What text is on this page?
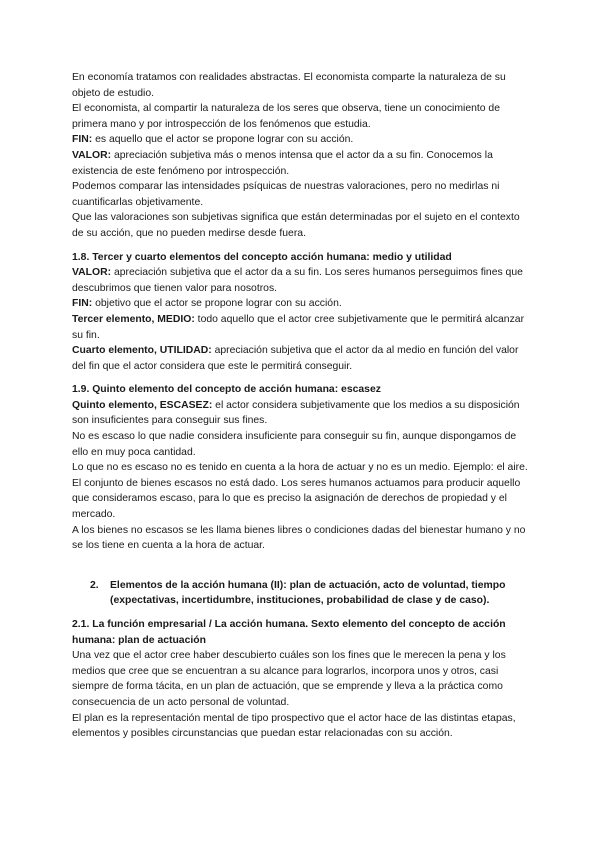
En economía tratamos con realidades abstractas. El economista comparte la naturaleza de su objeto de estudio.

El economista, al compartir la naturaleza de los seres que observa, tiene un conocimiento de primera mano y por introspección de los fenómenos que estudia.

FIN: es aquello que el actor se propone lograr con su acción.

VALOR: apreciación subjetiva más o menos intensa que el actor da a su fin. Conocemos la existencia de este fenómeno por introspección.

Podemos comparar las intensidades psíquicas de nuestras valoraciones, pero no medirlas ni cuantificarlas objetivamente.

Que las valoraciones son subjetivas significa que están determinadas por el sujeto en el contexto de su acción, que no pueden medirse desde fuera.

1.8. Tercer y cuarto elementos del concepto acción humana: medio y utilidad

VALOR: apreciación subjetiva que el actor da a su fin. Los seres humanos perseguimos fines que descubrimos que tienen valor para nosotros.

FIN: objetivo que el actor se propone lograr con su acción.

Tercer elemento, MEDIO: todo aquello que el actor cree subjetivamente que le permitirá alcanzar su fin.

Cuarto elemento, UTILIDAD: apreciación subjetiva que el actor da al medio en función del valor del fin que el actor considera que este le permitirá conseguir.

1.9. Quinto elemento del concepto de acción humana: escasez

Quinto elemento, ESCASEZ: el actor considera subjetivamente que los medios a su disposición son insuficientes para conseguir sus fines.

No es escaso lo que nadie considera insuficiente para conseguir su fin, aunque dispongamos de ello en muy poca cantidad.

Lo que no es escaso no es tenido en cuenta a la hora de actuar y no es un medio. Ejemplo: el aire.

El conjunto de bienes escasos no está dado. Los seres humanos actuamos para producir aquello que consideramos escaso, para lo que es preciso la asignación de derechos de propiedad y el mercado.

A los bienes no escasos se les llama bienes libres o condiciones dadas del bienestar humano y no se los tiene en cuenta a la hora de actuar.

2.	Elementos de la acción humana (II): plan de actuación, acto de voluntad, tiempo (expectativas, incertidumbre, instituciones, probabilidad de clase y de caso).

2.1. La función empresarial / La acción humana. Sexto elemento del concepto de acción humana: plan de actuación

Una vez que el actor cree haber descubierto cuáles son los fines que le merecen la pena y los medios que cree que se encuentran a su alcance para lograrlos, incorpora unos y otros, casi siempre de forma tácita, en un plan de actuación, que se emprende y lleva a la práctica como consecuencia de un acto personal de voluntad.

El plan es la representación mental de tipo prospectivo que el actor hace de las distintas etapas, elementos y posibles circunstancias que puedan estar relacionadas con su acción.
